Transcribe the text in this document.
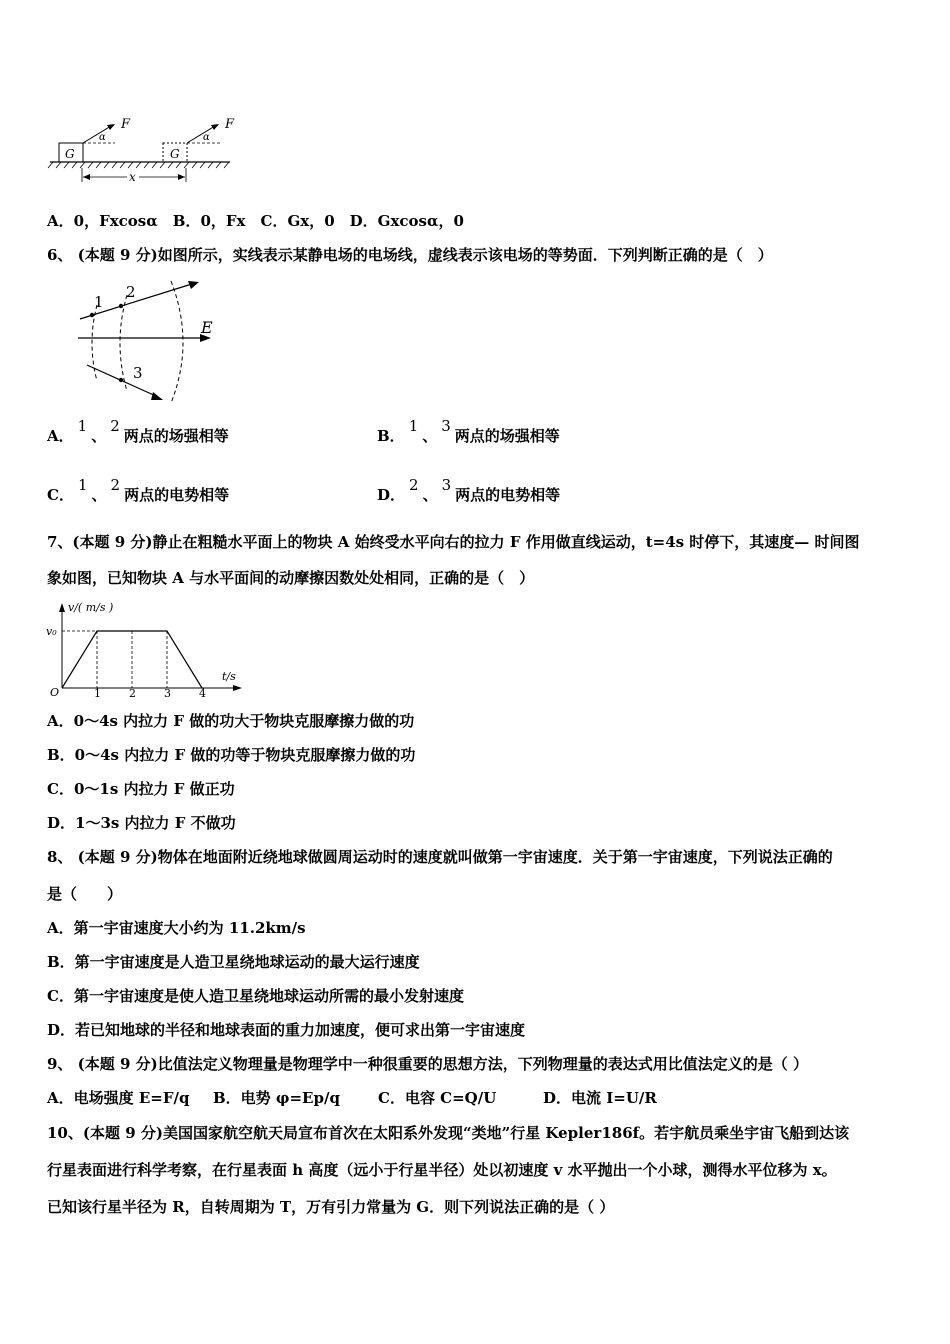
G
F
α
G
F
α
x
A．0，Fxcosα　B．0，Fx　C．Gx，0　D．Gxcosα，0
6、 (本题 9 分)如图所示，实线表示某静电场的电场线，虚线表示该电场的等势面．下列判断正确的是（　）
1
2
3
E
A．1、2两点的场强相等	B．1、3两点的场强相等
C．1、2两点的电势相等	D．2、3两点的电势相等
7、(本题 9 分)静止在粗糙水平面上的物块 A 始终受水平向右的拉力 F 作用做直线运动，t=4s 时停下，其速度— 时间图
象如图，已知物块 A 与水平面间的动摩擦因数处处相同，正确的是（　）
v/( m/s )
t/s
v₀
O	1	2	3	4
A．0～4s 内拉力 F 做的功大于物块克服摩擦力做的功
B．0～4s 内拉力 F 做的功等于物块克服摩擦力做的功
C．0～1s 内拉力 F 做正功
D．1～3s 内拉力 F 不做功
8、 (本题 9 分)物体在地面附近绕地球做圆周运动时的速度就叫做第一宇宙速度．关于第一宇宙速度，下列说法正确的
是（　　）
A．第一宇宙速度大小约为 11.2km/s
B．第一宇宙速度是人造卫星绕地球运动的最大运行速度
C．第一宇宙速度是使人造卫星绕地球运动所需的最小发射速度
D．若已知地球的半径和地球表面的重力加速度，便可求出第一宇宙速度
9、 (本题 9 分)比值法定义物理量是物理学中一种很重要的思想方法，下列物理量的表达式用比值法定义的是（ ）
A．电场强度 E=F/q B．电势 φ=Ep/q	C．电容 C=Q/U	D．电流 I=U/R
10、(本题 9 分)美国国家航空航天局宣布首次在太阳系外发现“类地”行星 Kepler186f。若宇航员乘坐宇宙飞船到达该
行星表面进行科学考察，在行星表面 h 高度（远小于行星半径）处以初速度 v 水平抛出一个小球，测得水平位移为 x。
已知该行星半径为 R，自转周期为 T，万有引力常量为 G．则下列说法正确的是（ ）
